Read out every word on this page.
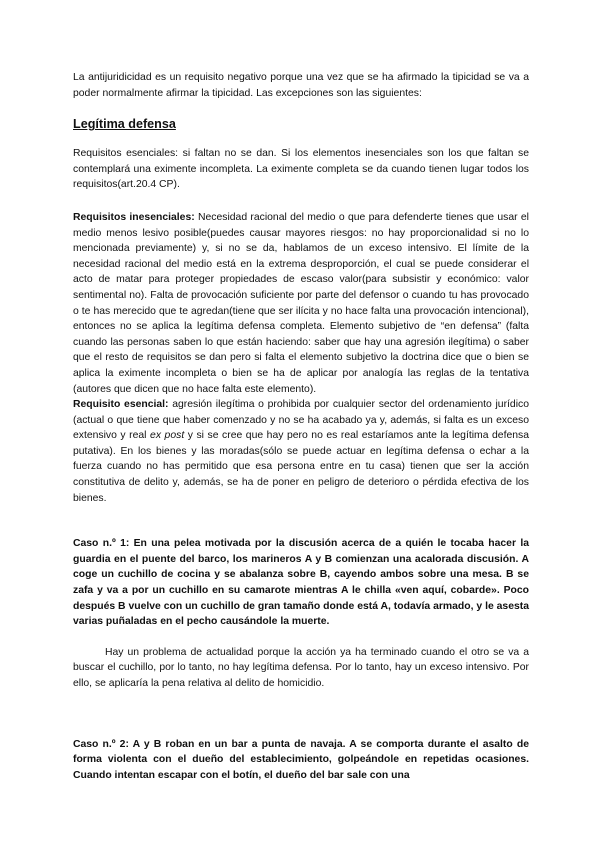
La antijuridicidad es un requisito negativo porque una vez que se ha afirmado la tipicidad se va a poder normalmente afirmar la tipicidad. Las excepciones son las siguientes:

Legítima defensa

Requisitos esenciales: si faltan no se dan. Si los elementos inesenciales son los que faltan se contemplará una eximente incompleta. La eximente completa se da cuando tienen lugar todos los requisitos(art.20.4 CP).

Requisitos inesenciales: Necesidad racional del medio o que para defenderte tienes que usar el medio menos lesivo posible(puedes causar mayores riesgos: no hay proporcionalidad si no lo mencionada previamente) y, si no se da, hablamos de un exceso intensivo. El límite de la necesidad racional del medio está en la extrema desproporción, el cual se puede considerar el acto de matar para proteger propiedades de escaso valor(para subsistir y económico: valor sentimental no). Falta de provocación suficiente por parte del defensor o cuando tu has provocado o te has merecido que te agredan(tiene que ser ilícita y no hace falta una provocación intencional), entonces no se aplica la legítima defensa completa. Elemento subjetivo de “en defensa” (falta cuando las personas saben lo que están haciendo: saber que hay una agresión ilegítima) o saber que el resto de requisitos se dan pero si falta el elemento subjetivo la doctrina dice que o bien se aplica la eximente incompleta o bien se ha de aplicar por analogía las reglas de la tentativa (autores que dicen que no hace falta este elemento).

Requisito esencial: agresión ilegítima o prohibida por cualquier sector del ordenamiento jurídico (actual o que tiene que haber comenzado y no se ha acabado ya y, además, si falta es un exceso extensivo y real ex post y si se cree que hay pero no es real estaríamos ante la legítima defensa putativa). En los bienes y las moradas(sólo se puede actuar en legítima defensa o echar a la fuerza cuando no has permitido que esa persona entre en tu casa) tienen que ser la acción constitutiva de delito y, además, se ha de poner en peligro de deterioro o pérdida efectiva de los bienes.

Caso n.º 1: En una pelea motivada por la discusión acerca de a quién le tocaba hacer la guardia en el puente del barco, los marineros A y B comienzan una acalorada discusión. A coge un cuchillo de cocina y se abalanza sobre B, cayendo ambos sobre una mesa. B se zafa y va a por un cuchillo en su camarote mientras A le chilla «ven aquí, cobarde». Poco después B vuelve con un cuchillo de gran tamaño donde está A, todavía armado, y le asesta varias puñaladas en el pecho causándole la muerte.

Hay un problema de actualidad porque la acción ya ha terminado cuando el otro se va a buscar el cuchillo, por lo tanto, no hay legítima defensa. Por lo tanto, hay un exceso intensivo. Por ello, se aplicaría la pena relativa al delito de homicidio.

Caso n.º 2: A y B roban en un bar a punta de navaja. A se comporta durante el asalto de forma violenta con el dueño del establecimiento, golpeándole en repetidas ocasiones. Cuando intentan escapar con el botín, el dueño del bar sale con una
